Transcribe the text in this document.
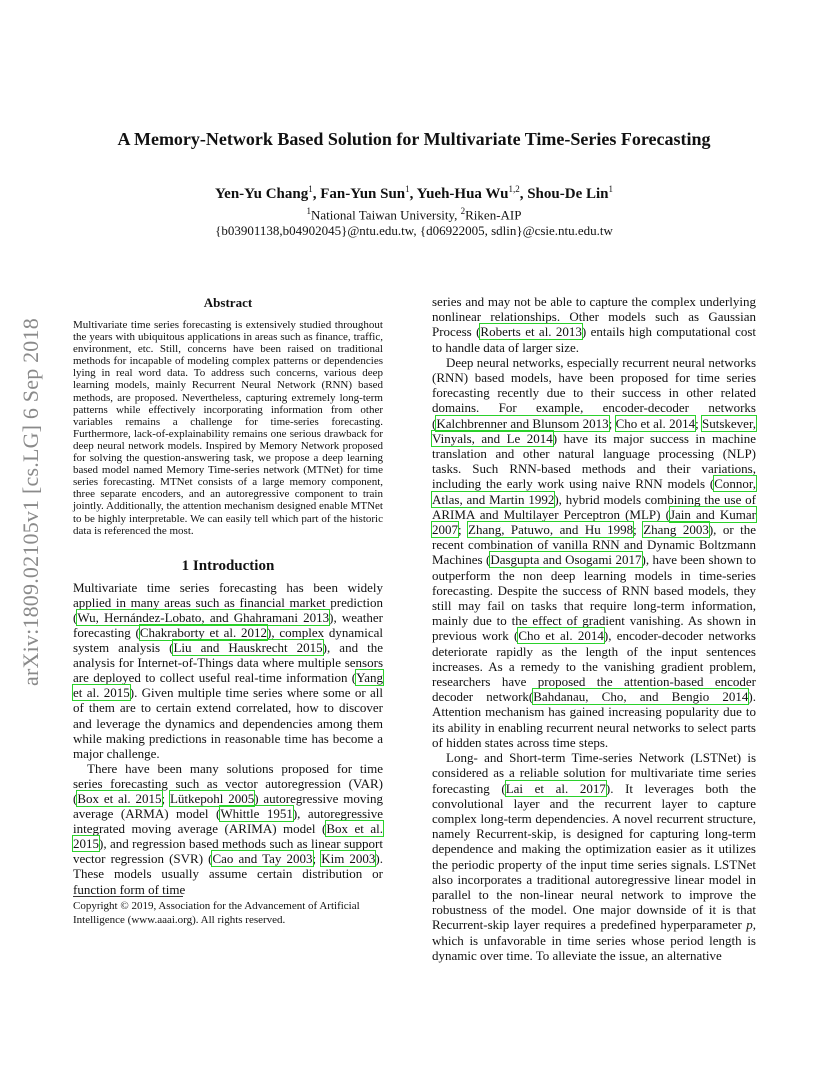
arXiv:1809.02105v1 [cs.LG] 6 Sep 2018
A Memory-Network Based Solution for Multivariate Time-Series Forecasting
Yen-Yu Chang$^1$, Fan-Yun Sun$^1$, Yueh-Hua Wu$^{1,2}$, Shou-De Lin$^1$
$^1$National Taiwan University, $^2$Riken-AIP
{b03901138,b04902045}@ntu.edu.tw, {d06922005, sdlin}@csie.ntu.edu.tw
Abstract

Multivariate time series forecasting is extensively studied throughout the years with ubiquitous applications in areas such as finance, traffic, environment, etc. Still, concerns have been raised on traditional methods for incapable of modeling complex patterns or dependencies lying in real word data. To address such concerns, various deep learning models, mainly Recurrent Neural Network (RNN) based methods, are proposed. Nevertheless, capturing extremely long-term patterns while effectively incorporating information from other variables remains a challenge for time-series forecasting. Furthermore, lack-of-explainability remains one serious drawback for deep neural network models. Inspired by Memory Network proposed for solving the question-answering task, we propose a deep learning based model named Memory Time-series network (MTNet) for time series forecasting. MTNet consists of a large memory component, three separate encoders, and an autoregressive component to train jointly. Additionally, the attention mechanism designed enable MTNet to be highly interpretable. We can easily tell which part of the historic data is referenced the most.

1 Introduction

Multivariate time series forecasting has been widely applied in many areas such as financial market prediction (Wu, Hernández-Lobato, and Ghahramani 2013), weather forecasting (Chakraborty et al. 2012), complex dynamical system analysis (Liu and Hauskrecht 2015), and the analysis for Internet-of-Things data where multiple sensors are deployed to collect useful real-time information (Yang et al. 2015). Given multiple time series where some or all of them are to certain extend correlated, how to discover and leverage the dynamics and dependencies among them while making predictions in reasonable time has become a major challenge.

There have been many solutions proposed for time series forecasting such as vector autoregression (VAR) (Box et al. 2015; Lütkepohl 2005) autoregressive moving average (ARMA) model (Whittle 1951), autoregressive integrated moving average (ARIMA) model (Box et al. 2015), and regression based methods such as linear support vector regression (SVR) (Cao and Tay 2003; Kim 2003). These models usually assume certain distribution or function form of time

Copyright © 2019, Association for the Advancement of Artificial Intelligence (www.aaai.org). All rights reserved.

series and may not be able to capture the complex underlying nonlinear relationships. Other models such as Gaussian Process (Roberts et al. 2013) entails high computational cost to handle data of larger size.

Deep neural networks, especially recurrent neural networks (RNN) based models, have been proposed for time series forecasting recently due to their success in other related domains. For example, encoder-decoder networks (Kalchbrenner and Blunsom 2013; Cho et al. 2014; Sutskever, Vinyals, and Le 2014) have its major success in machine translation and other natural language processing (NLP) tasks. Such RNN-based methods and their variations, including the early work using naive RNN models (Connor, Atlas, and Martin 1992), hybrid models combining the use of ARIMA and Multilayer Perceptron (MLP) (Jain and Kumar 2007; Zhang, Patuwo, and Hu 1998; Zhang 2003), or the recent combination of vanilla RNN and Dynamic Boltzmann Machines (Dasgupta and Osogami 2017), have been shown to outperform the non deep learning models in time-series forecasting. Despite the success of RNN based models, they still may fail on tasks that require long-term information, mainly due to the effect of gradient vanishing. As shown in previous work (Cho et al. 2014), encoder-decoder networks deteriorate rapidly as the length of the input sentences increases. As a remedy to the vanishing gradient problem, researchers have proposed the attention-based encoder decoder network(Bahdanau, Cho, and Bengio 2014). Attention mechanism has gained increasing popularity due to its ability in enabling recurrent neural networks to select parts of hidden states across time steps.

Long- and Short-term Time-series Network (LSTNet) is considered as a reliable solution for multivariate time series forecasting (Lai et al. 2017). It leverages both the convolutional layer and the recurrent layer to capture complex long-term dependencies. A novel recurrent structure, namely Recurrent-skip, is designed for capturing long-term dependence and making the optimization easier as it utilizes the periodic property of the input time series signals. LSTNet also incorporates a traditional autoregressive linear model in parallel to the non-linear neural network to improve the robustness of the model. One major downside of it is that Recurrent-skip layer requires a predefined hyperparameter p, which is unfavorable in time series whose period length is dynamic over time. To alleviate the issue, an alternative
